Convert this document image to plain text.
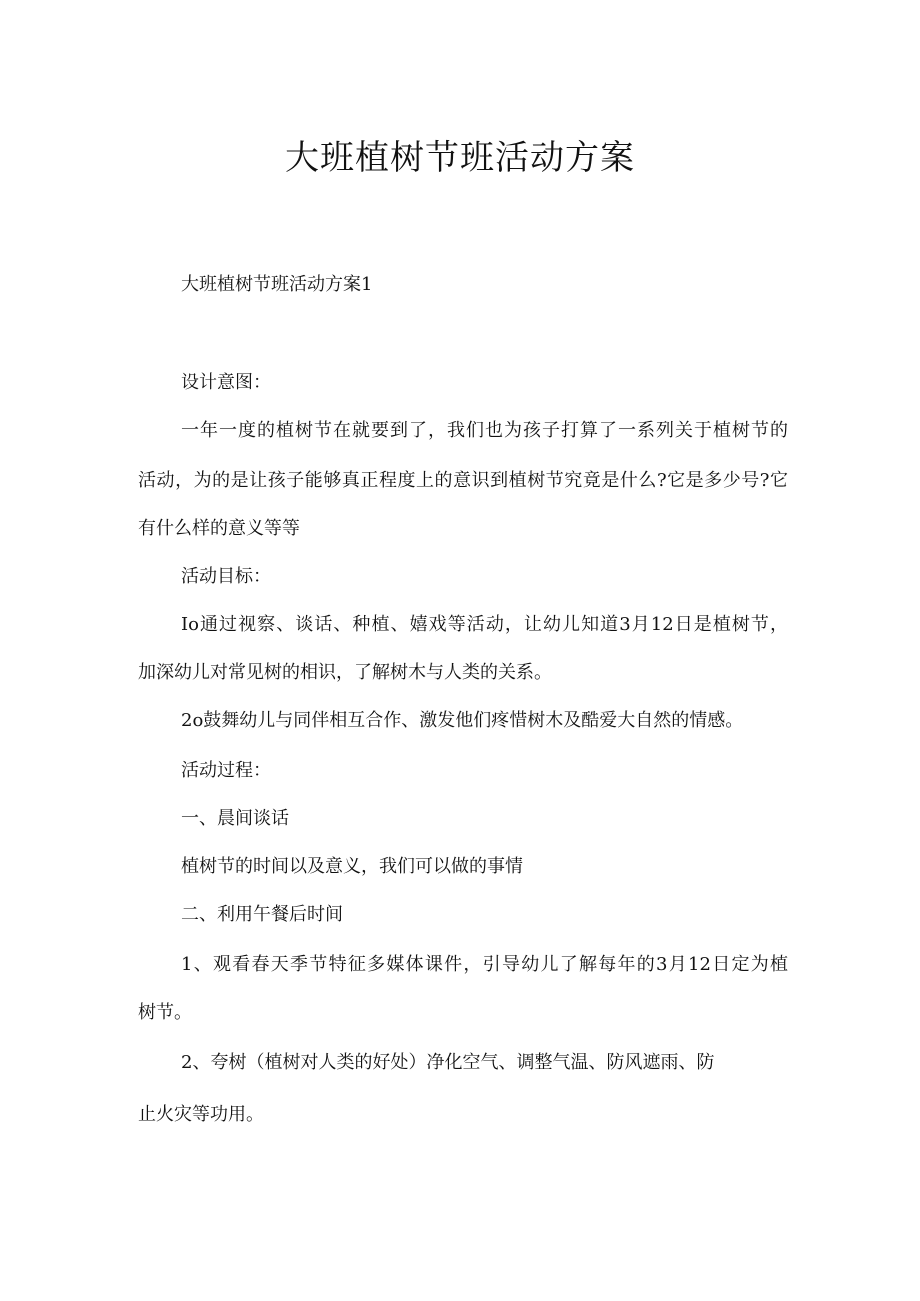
大班植树节班活动方案

大班植树节班活动方案1

设计意图：

一年一度的植树节在就要到了，我们也为孩子打算了一系列关于植树节的

活动，为的是让孩子能够真正程度上的意识到植树节究竟是什么?它是多少号?它

有什么样的意义等等

活动目标：

Io通过视察、谈话、种植、嬉戏等活动，让幼儿知道3月12日是植树节，

加深幼儿对常见树的相识，了解树木与人类的关系。

2o鼓舞幼儿与同伴相互合作、激发他们疼惜树木及酷爱大自然的情感。

活动过程：

一、晨间谈话

植树节的时间以及意义，我们可以做的事情

二、利用午餐后时间

1、观看春天季节特征多媒体课件，引导幼儿了解每年的3月12日定为植

树节。

2、夸树（植树对人类的好处）净化空气、调整气温、防风遮雨、防

止火灾等功用。
